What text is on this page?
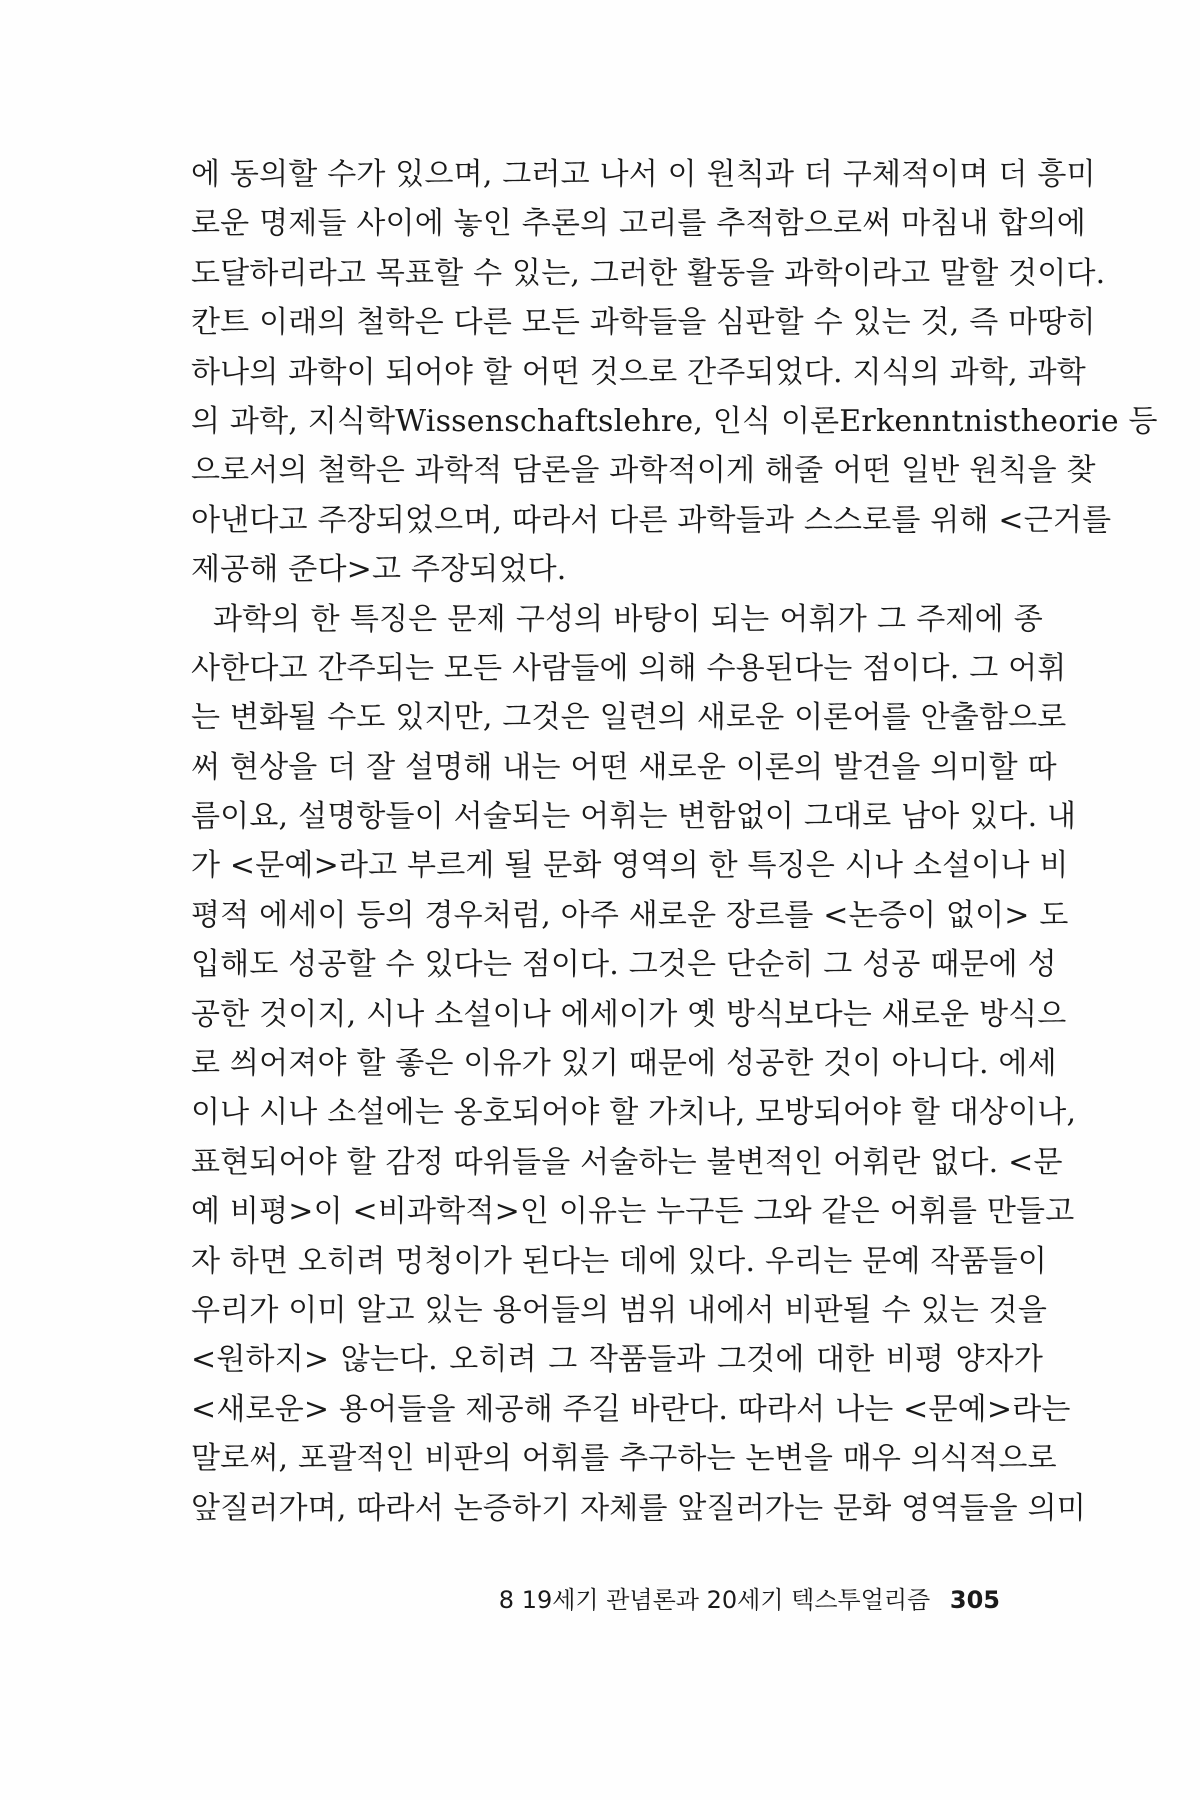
에 동의할 수가 있으며, 그러고 나서 이 원칙과 더 구체적이며 더 흥미
로운 명제들 사이에 놓인 추론의 고리를 추적함으로써 마침내 합의에
도달하리라고 목표할 수 있는, 그러한 활동을 과학이라고 말할 것이다.
칸트 이래의 철학은 다른 모든 과학들을 심판할 수 있는 것, 즉 마땅히
하나의 과학이 되어야 할 어떤 것으로 간주되었다. 지식의 과학, 과학
의 과학, 지식학Wissenschaftslehre, 인식 이론Erkenntnistheorie 등
으로서의 철학은 과학적 담론을 과학적이게 해줄 어떤 일반 원칙을 찾
아낸다고 주장되었으며, 따라서 다른 과학들과 스스로를 위해 <근거를
제공해 준다>고 주장되었다.
과학의 한 특징은 문제 구성의 바탕이 되는 어휘가 그 주제에 종
사한다고 간주되는 모든 사람들에 의해 수용된다는 점이다. 그 어휘
는 변화될 수도 있지만, 그것은 일련의 새로운 이론어를 안출함으로
써 현상을 더 잘 설명해 내는 어떤 새로운 이론의 발견을 의미할 따
름이요, 설명항들이 서술되는 어휘는 변함없이 그대로 남아 있다. 내
가 <문예>라고 부르게 될 문화 영역의 한 특징은 시나 소설이나 비
평적 에세이 등의 경우처럼, 아주 새로운 장르를 <논증이 없이> 도
입해도 성공할 수 있다는 점이다. 그것은 단순히 그 성공 때문에 성
공한 것이지, 시나 소설이나 에세이가 옛 방식보다는 새로운 방식으
로 씌어져야 할 좋은 이유가 있기 때문에 성공한 것이 아니다. 에세
이나 시나 소설에는 옹호되어야 할 가치나, 모방되어야 할 대상이나,
표현되어야 할 감정 따위들을 서술하는 불변적인 어휘란 없다. <문
예 비평>이 <비과학적>인 이유는 누구든 그와 같은 어휘를 만들고
자 하면 오히려 멍청이가 된다는 데에 있다. 우리는 문예 작품들이
우리가 이미 알고 있는 용어들의 범위 내에서 비판될 수 있는 것을
<원하지> 않는다. 오히려 그 작품들과 그것에 대한 비평 양자가
<새로운> 용어들을 제공해 주길 바란다. 따라서 나는 <문예>라는
말로써, 포괄적인 비판의 어휘를 추구하는 논변을 매우 의식적으로
앞질러가며, 따라서 논증하기 자체를 앞질러가는 문화 영역들을 의미
8 19세기 관념론과 20세기 텍스투얼리즘 305
